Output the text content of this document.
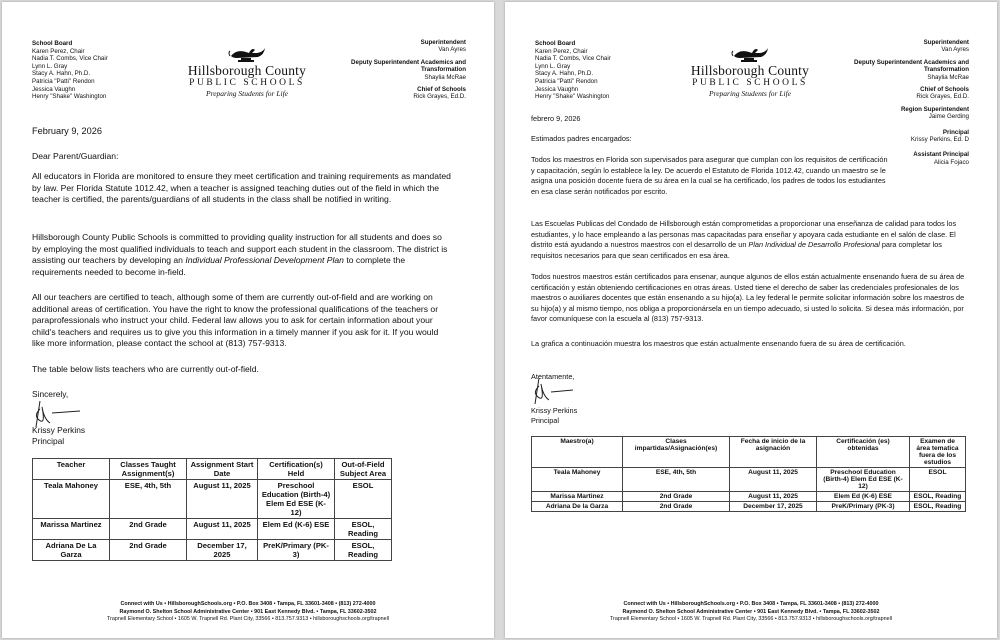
School Board
Karen Perez, Chair
Nadia T. Combs, Vice Chair
Lynn L. Gray
Stacy A. Hahn, Ph.D.
Patricia "Patti" Rendon
Jessica Vaughn
Henry "Shake" Washington
Hillsborough County
PUBLIC SCHOOLS
Preparing Students for Life
Superintendent
Van Ayres
Deputy Superintendent Academics and Transformation
Shaylia McRae
Chief of Schools
Rick Grayes, Ed.D.
February 9, 2026
Dear Parent/Guardian:
All educators in Florida are monitored to ensure they meet certification and training requirements as mandated by law. Per Florida Statute 1012.42, when a teacher is assigned teaching duties out of the field in which the teacher is certified, the parents/guardians of all students in the class shall be notified in writing.
Hillsborough County Public Schools is committed to providing quality instruction for all students and does so by employing the most qualified individuals to teach and support each student in the classroom. The district is assisting our teachers by developing an Individual Professional Development Plan to complete the requirements needed to become in-field.
All our teachers are certified to teach, although some of them are currently out-of-field and are working on additional areas of certification. You have the right to know the professional qualifications of the teachers or paraprofessionals who instruct your child. Federal law allows you to ask for certain information about your child's teachers and requires us to give you this information in a timely manner if you ask for it. If you would like more information, please contact the school at (813) 757-9313.
The table below lists teachers who are currently out-of-field.
Sincerely,
Krissy Perkins
Principal
Teacher	Classes Taught Assignment(s)	Assignment Start Date	Certification(s) Held	Out-of-Field Subject Area
Teala Mahoney	ESE, 4th, 5th	August 11, 2025	Preschool Education (Birth-4) Elem Ed ESE (K-12)	ESOL
Marissa Martinez	2nd Grade	August 11, 2025	Elem Ed (K-6) ESE	ESOL, Reading
Adriana De La Garza	2nd Grade	December 17, 2025	PreK/Primary (PK-3)	ESOL, Reading
Connect with Us • HillsboroughSchools.org • P.O. Box 3408 • Tampa, FL 33601-3408 • (813) 272-4000
Raymond O. Shelton School Administrative Center • 901 East Kennedy Blvd. • Tampa, FL 33602-3502
Trapnell Elementary School • 1605 W. Trapnell Rd. Plant City, 33566 • 813.757.9313 • hillsboroughschools.org/trapnell
School Board
Karen Perez, Chair
Nadia T. Combs, Vice Chair
Lynn L. Gray
Stacy A. Hahn, Ph.D.
Patricia "Patti" Rendon
Jessica Vaughn
Henry "Shake" Washington
Hillsborough County
PUBLIC SCHOOLS
Preparing Students for Life
Superintendent
Van Ayres
Deputy Superintendent Academics and Transformation
Shaylia McRae
Chief of Schools
Rick Grayes, Ed.D.
Region Superintendent
Jaime Gerding
Principal
Krissy Perkins, Ed. D
Assistant Principal
Alicia Fojaco
febrero 9, 2026
Estimados padres encargados:
Todos los maestros en Florida son supervisados para asegurar que cumplan con los requisitos de certificación y capacitación, según lo establece la ley. De acuerdo el Estatuto de Florida 1012.42, cuando un maestro se le asigna una posición docente fuera de su área en la cual se ha certificado, los padres de todos los estudiantes en esa clase serán notificados por escrito.
Las Escuelas Publicas del Condado de Hillsborough están comprometidas a proporcionar una enseñanza de calidad para todos los estudiantes, y lo hace empleando a las personas mas capacitadas para enseñar y apoyara cada estudiante en el salón de clase. El distrito está ayudando a nuestros maestros con el desarrollo de un Plan Individual de Desarrollo Profesional para completar los requisitos necesarios para que sean certificados en esa área.
Todos nuestros maestros están certificados para ensenar, aunque algunos de ellos están actualmente ensenando fuera de su área de certificación y están obteniendo certificaciones en otras áreas. Usted tiene el derecho de saber las credenciales profesionales de los maestros o auxiliares docentes que están ensenando a su hijo(a). La ley federal le permite solicitar información sobre los maestros de su hijo(a) y al mismo tiempo, nos obliga a proporcionársela en un tiempo adecuado, si usted lo solicita. Si desea más información, por favor comuníquese con la escuela al (813) 757-9313.
La grafica a continuación muestra los maestros que están actualmente ensenando fuera de su área de certificación.
Atentamente,
Krissy Perkins
Principal
Maestro(a)	Clases impartidas/Asignación(es)	Fecha de inicio de la asignación	Certificación (es) obtenidas	Examen de área tematica fuera de los estudios
Teala Mahoney	ESE, 4th, 5th	August 11, 2025	Preschool Education (Birth-4) Elem Ed ESE (K-12)	ESOL
Marissa Martinez	2nd Grade	August 11, 2025	Elem Ed (K-6) ESE	ESOL, Reading
Adriana De la Garza	2nd Grade	December 17, 2025	PreK/Primary (PK-3)	ESOL, Reading
Connect with Us • HillsboroughSchools.org • P.O. Box 3408 • Tampa, FL 33601-3408 • (813) 272-4000
Raymond O. Shelton School Administrative Center • 901 East Kennedy Blvd. • Tampa, FL 33602-3502
Trapnell Elementary School • 1605 W. Trapnell Rd. Plant City, 33566 • 813.757.9313 • hillsboroughschools.org/trapnell
